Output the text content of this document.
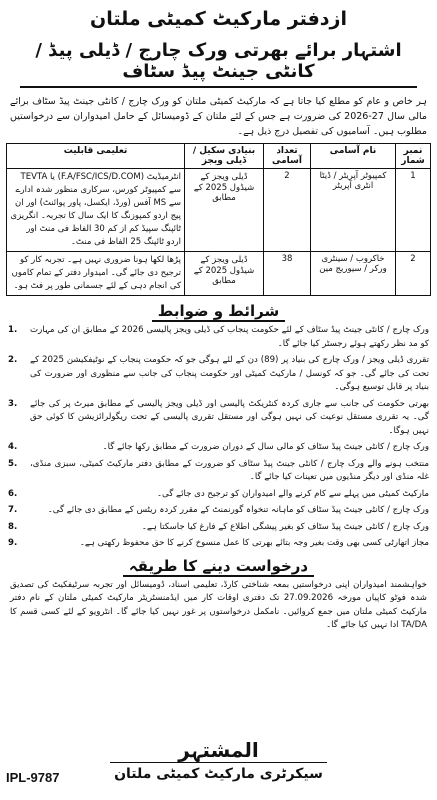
ازدفتر مارکیٹ کمیٹی ملتان
اشتہار برائے بھرتی ورک چارج / ڈیلی پیڈ / کانٹی جینٹ پیڈ سٹاف
ہر خاص و عام کو مطلع کیا جاتا ہے کہ مارکیٹ کمیٹی ملتان کو ورک چارج / کانٹی جینٹ پیڈ سٹاف برائے مالی سال 27-2026 کی ضرورت ہے جس کے لئے ملتان کے ڈومیسائل کے حامل امیدواران سے درخواستیں مطلوب ہیں۔ آسامیوں کی تفصیل درج ذیل ہے۔
نمبر شمار	نام آسامی	تعداد آسامی	بنیادی سکیل / ڈیلی ویجز	تعلیمی قابلیت
1	کمپیوٹر آپریٹر / ڈیٹا انٹری آپریٹر	2	ڈیلی ویجز کے شیڈول 2025 کے مطابق	انٹرمیڈیٹ (F.A/FSC/ICS/D.COM) یا TEVTA سے کمپیوٹر کورس، سرکاری منظور شدہ ادارے سے MS آفس (ورڈ، ایکسل، پاور پوائنٹ) اور ان پیج اردو کمپوزنگ کا ایک سال کا تجربہ۔ انگریزی ٹائپنگ سپیڈ کم از کم 30 الفاظ فی منٹ اور اردو ٹائپنگ 25 الفاظ فی منٹ۔
2	خاکروب / سینٹری ورکر / سیوریج مین	38	ڈیلی ویجز کے شیڈول 2025 کے مطابق	پڑھا لکھا ہونا ضروری نہیں ہے۔ تجربہ کار کو ترجیح دی جائے گی۔ امیدوار دفتر کے تمام کاموں کی انجام دہی کے لئے جسمانی طور پر فٹ ہو۔
شرائط و ضوابط
ورک چارج / کانٹی جینٹ پیڈ سٹاف کے لئے حکومت پنجاب کی ڈیلی ویجز پالیسی 2026 کے مطابق ان کی مہارت کو مد نظر رکھتے ہوئے رجسٹر کیا جائے گا۔
1.
تقرری ڈیلی ویجز / ورک چارج کی بنیاد پر (89) دن کے لئے ہوگی جو کہ حکومت پنجاب کے نوٹیفکیشن 2025 کے تحت کی جائے گی۔ جو کہ کونسل / مارکیٹ کمیٹی اور حکومت پنجاب کی جانب سے منظوری اور ضرورت کی بنیاد پر قابل توسیع ہوگی۔
2.
بھرتی حکومت کی جانب سے جاری کردہ کنٹریکٹ پالیسی اور ڈیلی ویجز پالیسی کے مطابق میرٹ پر کی جائے گی۔ یہ تقرری مستقل نوعیت کی نہیں ہوگی اور مستقل تقرری پالیسی کے تحت ریگولرائزیشن کا کوئی حق نہیں ہوگا۔
3.
ورک چارج / کانٹی جینٹ پیڈ سٹاف کو مالی سال کے دوران ضرورت کے مطابق رکھا جائے گا۔
4.
منتخب ہونے والے ورک چارج / کانٹی جینٹ پیڈ سٹاف کو ضرورت کے مطابق دفتر مارکیٹ کمیٹی، سبزی منڈی، غلہ منڈی اور دیگر منڈیوں میں تعینات کیا جائے گا۔
5.
مارکیٹ کمیٹی میں پہلے سے کام کرنے والے امیدواران کو ترجیح دی جائے گی۔
6.
ورک چارج / کانٹی جینٹ پیڈ سٹاف کو ماہانہ تنخواہ گورنمنٹ کے مقرر کردہ ریٹس کے مطابق دی جائے گی۔
7.
ورک چارج / کانٹی جینٹ پیڈ سٹاف کو بغیر پیشگی اطلاع کے فارغ کیا جاسکتا ہے۔
8.
مجاز اتھارٹی کسی بھی وقت بغیر وجہ بتائے بھرتی کا عمل منسوخ کرنے کا حق محفوظ رکھتی ہے۔
9.
درخواست دینے کا طریقہ
خواہشمند امیدواران اپنی درخواستیں بمعہ شناختی کارڈ، تعلیمی اسناد، ڈومیسائل اور تجربہ سرٹیفکیٹ کی تصدیق شدہ فوٹو کاپیاں مورخہ 27.09.2026 تک دفتری اوقات کار میں ایڈمنسٹریٹر مارکیٹ کمیٹی ملتان کے نام دفتر مارکیٹ کمیٹی ملتان میں جمع کروائیں۔ نامکمل درخواستوں پر غور نہیں کیا جائے گا۔ انٹرویو کے لئے کسی قسم کا TA/DA ادا نہیں کیا جائے گا۔
المشتہر
سیکرٹری مارکیٹ کمیٹی ملتان
IPL-9787
